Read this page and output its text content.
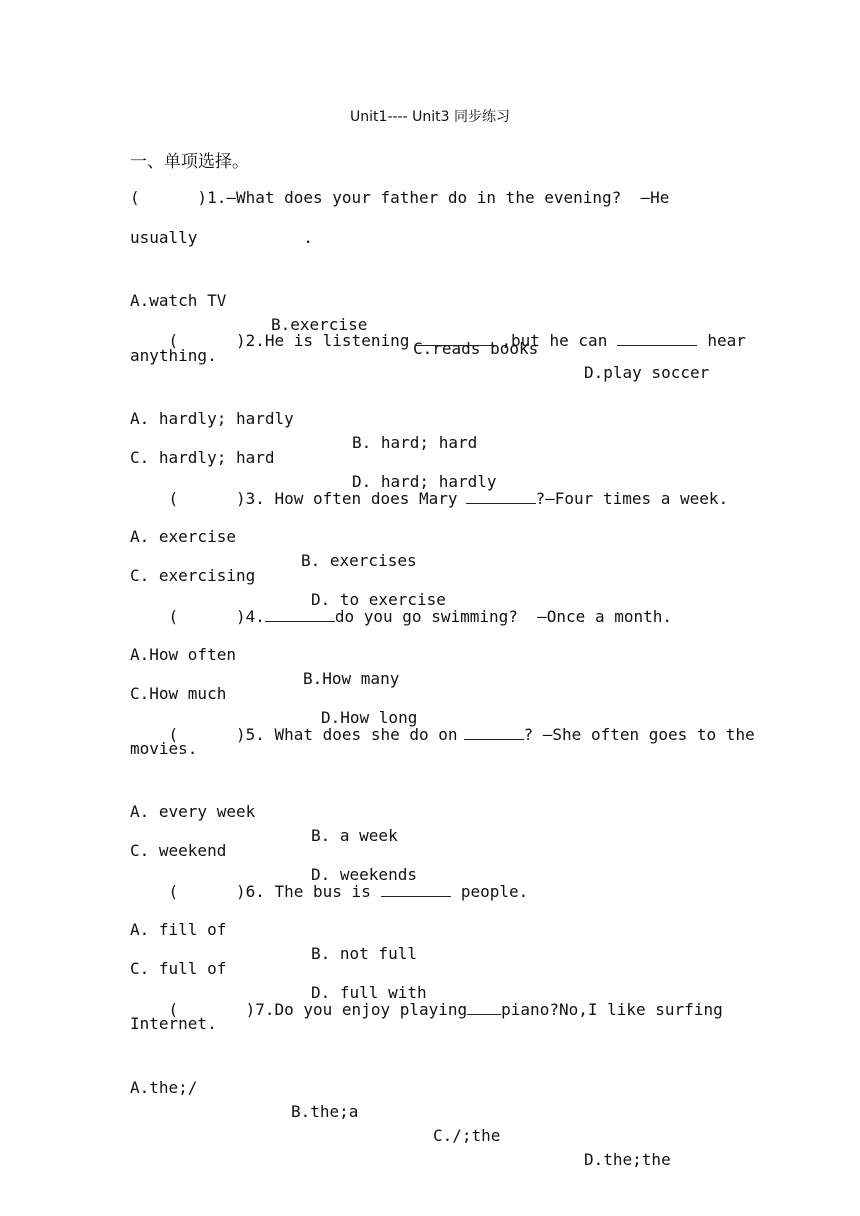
Unit1---- Unit3 同步练习
一、单项选择。
(      )1.—What does your father do in the evening?  —He
usually           .

A.watch TV

B.exercise

C.reads books

D.play soccer

(      )2.He is listening	,but he can	hear

anything.

A. hardly; hardly

B. hard; hard

C. hardly; hard

D. hard; hardly

(      )3. How often does Mary	?—Four times a week.

A. exercise

B. exercises

C. exercising

D. to exercise

(      )4.	do you go swimming?  —Once a month.

A.How often

B.How many

C.How much

D.How long

(      )5. What does she do on	? —She often goes to the

movies.

A. every week

B. a week

C. weekend

D. weekends

(      )6. The bus is	people.

A. fill of

B. not full

C. full of

D. full with

(       )7.Do you enjoy playing piano?No,I like surfing

Internet.

A.the;/

B.the;a

C./;the

D.the;the
